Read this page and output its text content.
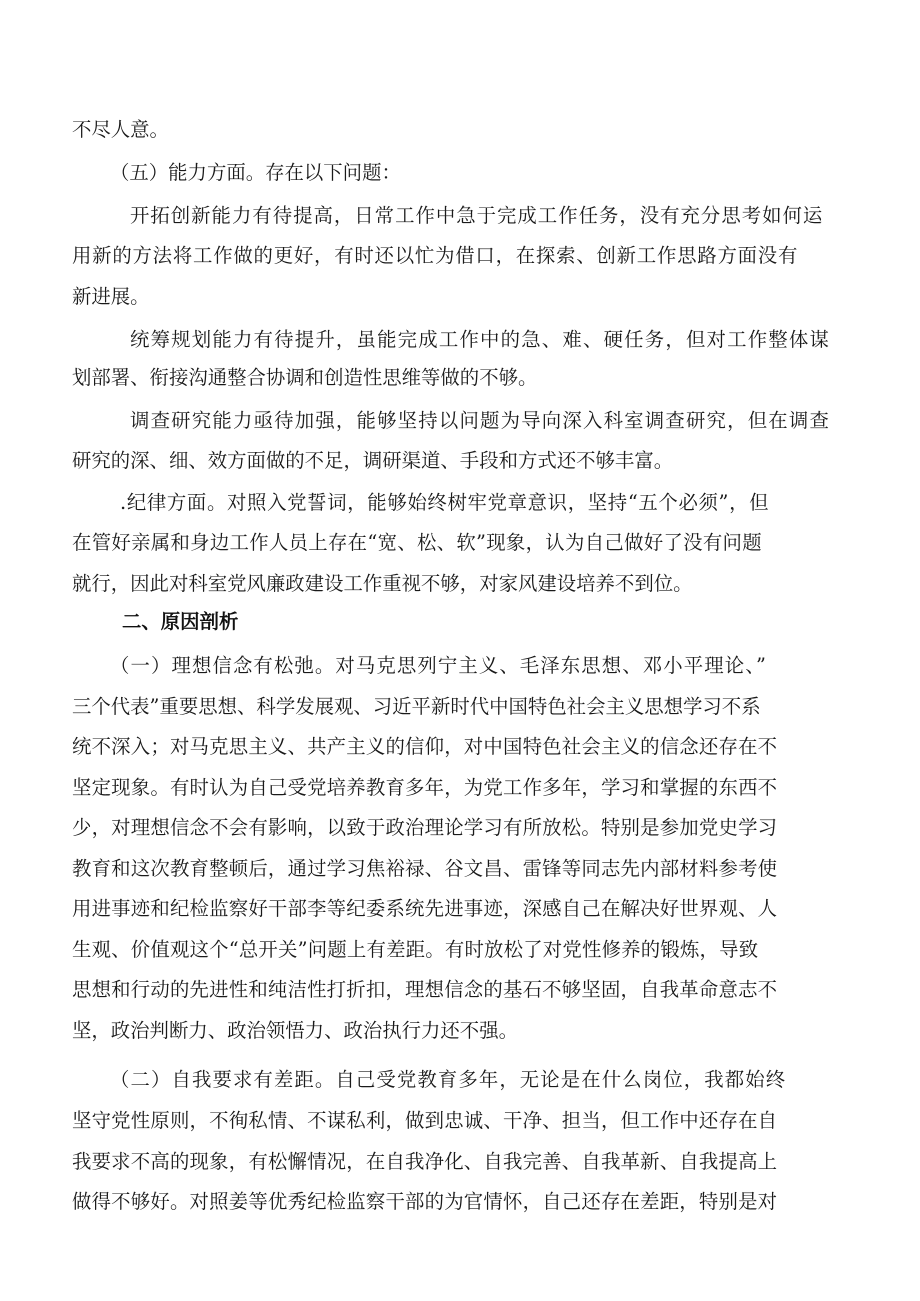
不尽人意。
（五）能力方面。存在以下问题：
开拓创新能力有待提高，日常工作中急于完成工作任务，没有充分思考如何运
用新的方法将工作做的更好，有时还以忙为借口，在探索、创新工作思路方面没有
新进展。
统筹规划能力有待提升，虽能完成工作中的急、难、硬任务，但对工作整体谋
划部署、衔接沟通整合协调和创造性思维等做的不够。
调查研究能力亟待加强，能够坚持以问题为导向深入科室调查研究，但在调查
研究的深、细、效方面做的不足，调研渠道、手段和方式还不够丰富。
.纪律方面。对照入党誓词，能够始终树牢党章意识，坚持“五个必须”，但
在管好亲属和身边工作人员上存在“宽、松、软”现象，认为自己做好了没有问题
就行，因此对科室党风廉政建设工作重视不够，对家风建设培养不到位。
二、原因剖析
（一）理想信念有松弛。对马克思列宁主义、毛泽东思想、邓小平理论、”
三个代表”重要思想、科学发展观、习近平新时代中国特色社会主义思想学习不系
统不深入；对马克思主义、共产主义的信仰，对中国特色社会主义的信念还存在不
坚定现象。有时认为自己受党培养教育多年，为党工作多年，学习和掌握的东西不
少，对理想信念不会有影响，以致于政治理论学习有所放松。特别是参加党史学习
教育和这次教育整顿后，通过学习焦裕禄、谷文昌、雷锋等同志先内部材料参考使
用进事迹和纪检监察好干部李等纪委系统先进事迹，深感自己在解决好世界观、人
生观、价值观这个“总开关”问题上有差距。有时放松了对党性修养的锻炼，导致
思想和行动的先进性和纯洁性打折扣，理想信念的基石不够坚固，自我革命意志不
坚，政治判断力、政治领悟力、政治执行力还不强。
（二）自我要求有差距。自己受党教育多年，无论是在什么岗位，我都始终
坚守党性原则，不徇私情、不谋私利，做到忠诚、干净、担当，但工作中还存在自
我要求不高的现象，有松懈情况，在自我净化、自我完善、自我革新、自我提高上
做得不够好。对照姜等优秀纪检监察干部的为官情怀，自己还存在差距，特别是对
